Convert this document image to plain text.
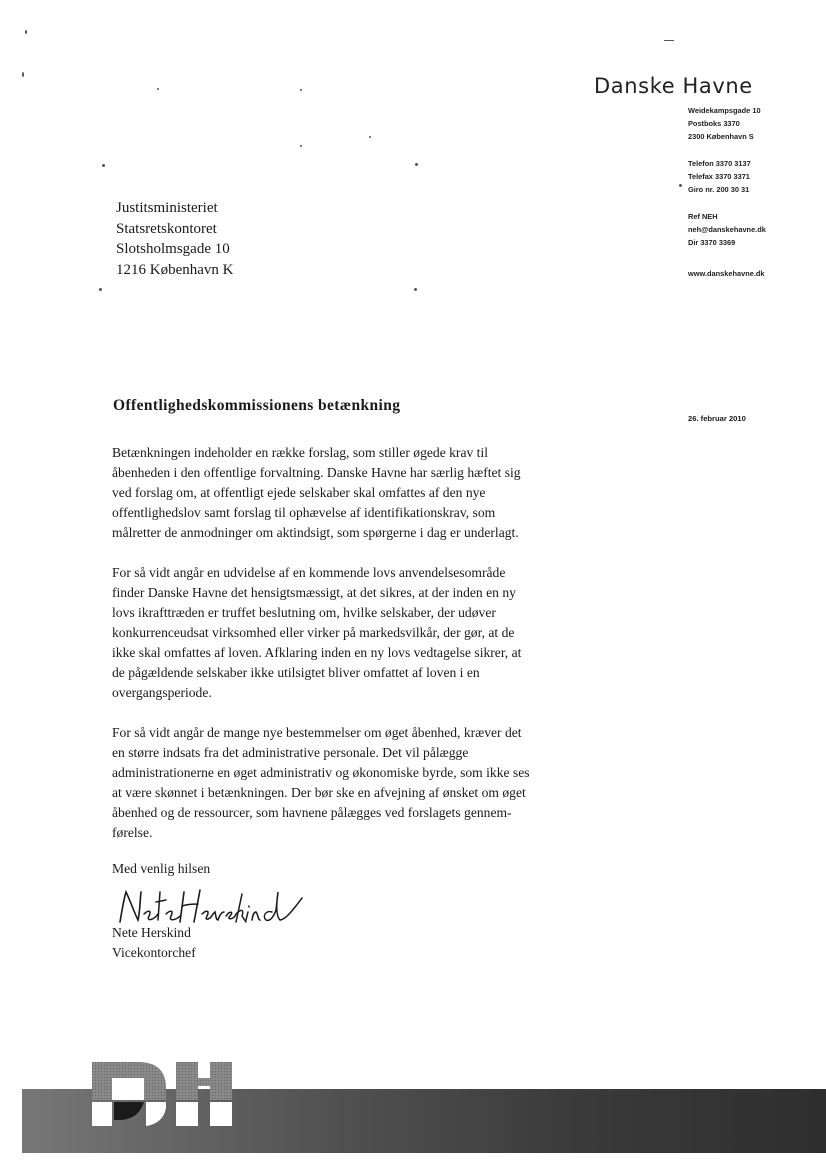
Danske Havne
Weidekampsgade 10
Postboks 3370
2300 København S
Telefon 3370 3137
Telefax 3370 3371
Giro nr. 200 30 31
Ref NEH
neh@danskehavne.dk
Dir 3370 3369
www.danskehavne.dk
Justitsministeriet
Statsretskontoret
Slotsholmsgade 10
1216 København K
Offentlighedskommissionens betænkning
26. februar 2010

Betænkningen indeholder en række forslag, som stiller øgede krav til
åbenheden i den offentlige forvaltning. Danske Havne har særlig hæftet sig
ved forslag om, at offentligt ejede selskaber skal omfattes af den nye
offentlighedslov samt forslag til ophævelse af identifikationskrav, som
målretter de anmodninger om aktindsigt, som spørgerne i dag er underlagt.

For så vidt angår en udvidelse af en kommende lovs anvendelsesområde
finder Danske Havne det hensigtsmæssigt, at det sikres, at der inden en ny
lovs ikrafttræden er truffet beslutning om, hvilke selskaber, der udøver
konkurrenceudsat virksomhed eller virker på markedsvilkår, der gør, at de
ikke skal omfattes af loven. Afklaring inden en ny lovs vedtagelse sikrer, at
de pågældende selskaber ikke utilsigtet bliver omfattet af loven i en
overgangsperiode.

For så vidt angår de mange nye bestemmelser om øget åbenhed, kræver det
en større indsats fra det administrative personale. Det vil pålægge
administrationerne en øget administrativ og økonomiske byrde, som ikke ses
at være skønnet i betænkningen. Der bør ske en afvejning af ønsket om øget
åbenhed og de ressourcer, som havnene pålægges ved forslagets gennem-
førelse.

Med venlig hilsen
Nete Herskind
Vicekontorchef
